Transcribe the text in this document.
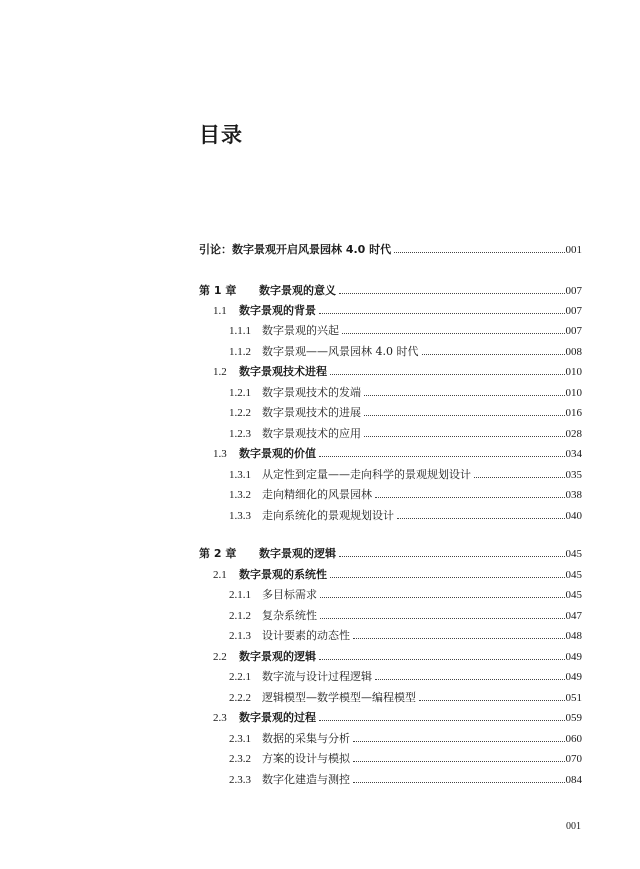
目录
引论：数字景观开启风景园林 4.0 时代	001
第 1 章	数字景观的意义	007
1.1	数字景观的背景	007
1.1.1	数字景观的兴起	007
1.1.2	数字景观——风景园林 4.0 时代	008
1.2	数字景观技术进程	010
1.2.1	数字景观技术的发端	010
1.2.2	数字景观技术的进展	016
1.2.3	数字景观技术的应用	028
1.3	数字景观的价值	034
1.3.1	从定性到定量——走向科学的景观规划设计	035
1.3.2	走向精细化的风景园林	038
1.3.3	走向系统化的景观规划设计	040
第 2 章	数字景观的逻辑	045
2.1	数字景观的系统性	045
2.1.1	多目标需求	045
2.1.2	复杂系统性	047
2.1.3	设计要素的动态性	048
2.2	数字景观的逻辑	049
2.2.1	数字流与设计过程逻辑	049
2.2.2	逻辑模型—数学模型—编程模型	051
2.3	数字景观的过程	059
2.3.1	数据的采集与分析	060
2.3.2	方案的设计与模拟	070
2.3.3	数字化建造与测控	084
001
